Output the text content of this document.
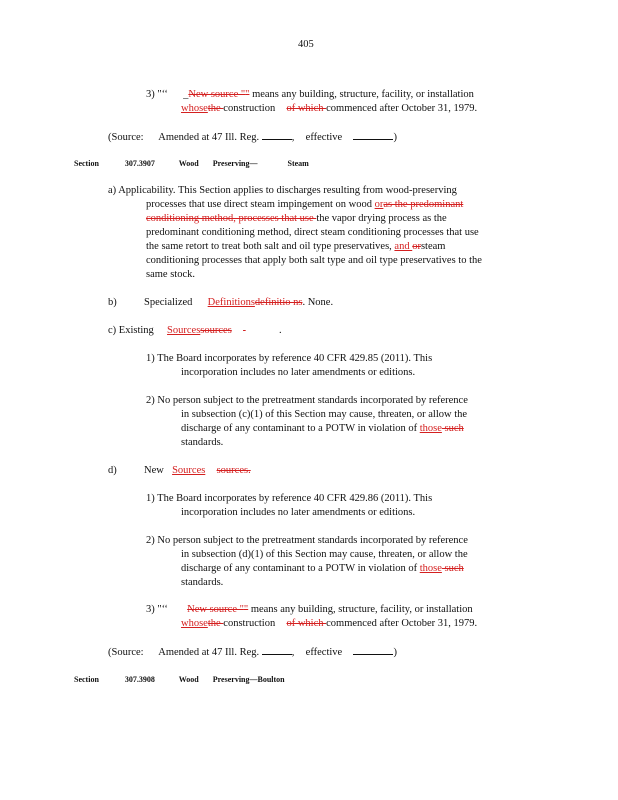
405
3) "‘‘ _New source "" means any building, structure, facility, or installation
whosethe construction of which commenced after October 31, 1979.
(Source: Amended at 47 Ill. Reg.	, effective	)
Section	307.3907	Wood Preserving—	Steam
a) Applicability. This Section applies to discharges resulting from wood-preserving
processes that use direct steam impingement on wood oras the predominant
conditioning method, processes that use the vapor drying process as the
predominant conditioning method, direct steam conditioning processes that use
the same retort to treat both salt and oil type preservatives, and orsteam
conditioning processes that apply both salt type and oil type preservatives to the
same stock.
b)	Specialized Definitionsdefinitio ns. None.
c) Existing Sourcessources	.
1) The Board incorporates by reference 40 CFR 429.85 (2011). This
incorporation includes no later amendments or editions.
2) No person subject to the pretreatment standards incorporated by reference
in subsection (c)(1) of this Section may cause, threaten, or allow the
discharge of any contaminant to a POTW in violation of those such
standards.
d)	New Sources sources.
1) The Board incorporates by reference 40 CFR 429.86 (2011). This
incorporation includes no later amendments or editions.
2) No person subject to the pretreatment standards incorporated by reference
in subsection (d)(1) of this Section may cause, threaten, or allow the
discharge of any contaminant to a POTW in violation of those such
standards.
3) "‘‘ New source "" means any building, structure, facility, or installation
whosethe construction of which commenced after October 31, 1979.
(Source: Amended at 47 Ill. Reg.	, effective	)
Section	307.3908	Wood Preserving—Boulton
